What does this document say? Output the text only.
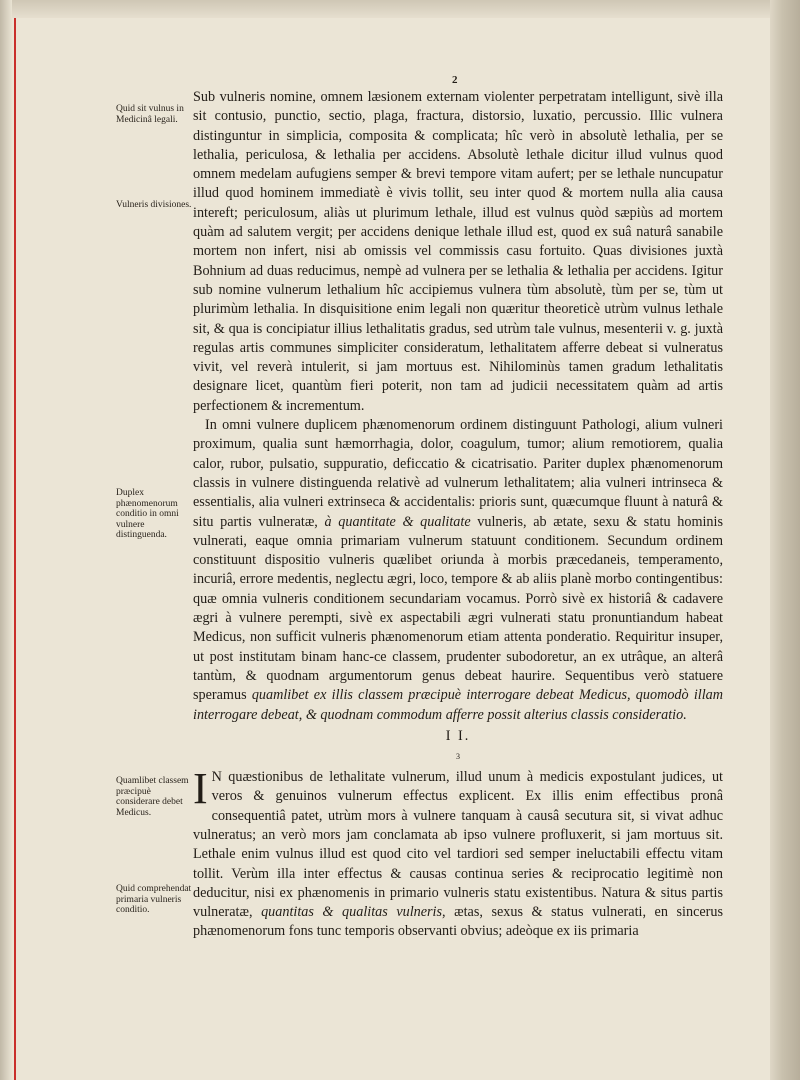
2
Quid sit vulnus in Medicinâ legali.
Vulneris divisiones.
Duplex phænomenorum conditio in omni vulnere distinguenda.
Quamlibet classem præcipuè considerare debet Medicus.
Quid comprehendat primaria vulneris conditio.

Sub vulneris nomine, omnem læsionem externam violenter perpetratam intelligunt, sivè illa sit contusio, punctio, sectio, plaga, fractura, distorsio, luxatio, percussio. Illic vulnera distinguntur in simplicia, composita & complicata; hîc verò in absolutè lethalia, per se lethalia, periculosa, & lethalia per accidens. Absolutè lethale dicitur illud vulnus quod omnem medelam aufugiens semper & brevi tempore vitam aufert; per se lethale nuncupatur illud quod hominem immediatè è vivis tollit, seu inter quod & mortem nulla alia causa intereft; periculosum, aliàs ut plurimum lethale, illud est vulnus quòd sæpiùs ad mortem quàm ad salutem vergit; per accidens denique lethale illud est, quod ex suâ naturâ sanabile mortem non infert, nisi ab omissis vel commissis casu fortuito. Quas divisiones juxtà Bohnium ad duas reducimus, nempè ad vulnera per se lethalia & lethalia per accidens. Igitur sub nomine vulnerum lethalium hîc accipiemus vulnera tùm absolutè, tùm per se, tùm ut plurimùm lethalia. In disquisitione enim legali non quæritur theoreticè utrùm vulnus lethale sit, & qua is concipiatur illius lethalitatis gradus, sed utrùm tale vulnus, mesenterii v. g. juxtà regulas artis communes simpliciter consideratum, lethalitatem afferre debeat si vulneratus vivit, vel reverà intulerit, si jam mortuus est. Nihilominùs tamen gradum lethalitatis designare licet, quantùm fieri poterit, non tam ad judicii necessitatem quàm ad artis perfectionem & incrementum.

In omni vulnere duplicem phænomenorum ordinem distinguunt Pathologi, alium vulneri proximum, qualia sunt hæmorrhagia, dolor, coagulum, tumor; alium remotiorem, qualia calor, rubor, pulsatio, suppuratio, deficcatio & cicatrisatio. Pariter duplex phænomenorum classis in vulnere distinguenda relativè ad vulnerum lethalitatem; alia vulneri intrinseca & essentialis, alia vulneri extrinseca & accidentalis: prioris sunt, quæcumque fluunt à naturâ & situ partis vulneratæ, à quantitate & qualitate vulneris, ab ætate, sexu & statu hominis vulnerati, eaque omnia primariam vulnerum statuunt conditionem. Secundum ordinem constituunt dispositio vulneris quælibet oriunda à morbis præcedaneis, temperamento, incuriâ, errore medentis, neglectu ægri, loco, tempore & ab aliis planè morbo contingentibus: quæ omnia vulneris conditionem secundariam vocamus. Porrò sivè ex historiâ & cadavere ægri à vulnere perempti, sivè ex aspectabili ægri vulnerati statu pronuntiandum habeat Medicus, non sufficit vulneris phænomenorum etiam attenta ponderatio. Requiritur insuper, ut post institutam binam hanc-ce classem, prudenter subodoretur, an ex utrâque, an alterâ tantùm, & quodnam argumentorum genus debeat haurire. Sequentibus verò statuere speramus quamlibet ex illis classem præcipuè interrogare debeat Medicus, quomodò illam interrogare debeat, & quodnam commodum afferre possit alterius classis consideratio.

I I.
3

I N quæstionibus de lethalitate vulnerum, illud unum à medicis expostulant judices, ut veros & genuinos vulnerum effectus explicent. Ex illis enim effectibus pronâ consequentiâ patet, utrùm mors à vulnere tanquam à causâ secutura sit, si vivat adhuc vulneratus; an verò mors jam conclamata ab ipso vulnere profluxerit, si jam mortuus sit. Lethale enim vulnus illud est quod cito vel tardiori sed semper ineluctabili effectu vitam tollit. Verùm illa inter effectus & causas continua series & reciprocatio legitimè non deducitur, nisi ex phænomenis in primario vulneris statu existentibus. Natura & situs partis vulneratæ, quantitas & qualitas vulneris, ætas, sexus & status vulnerati, en sincerus phænomenorum fons tunc temporis observanti obvius; adeòque ex iis primaria
